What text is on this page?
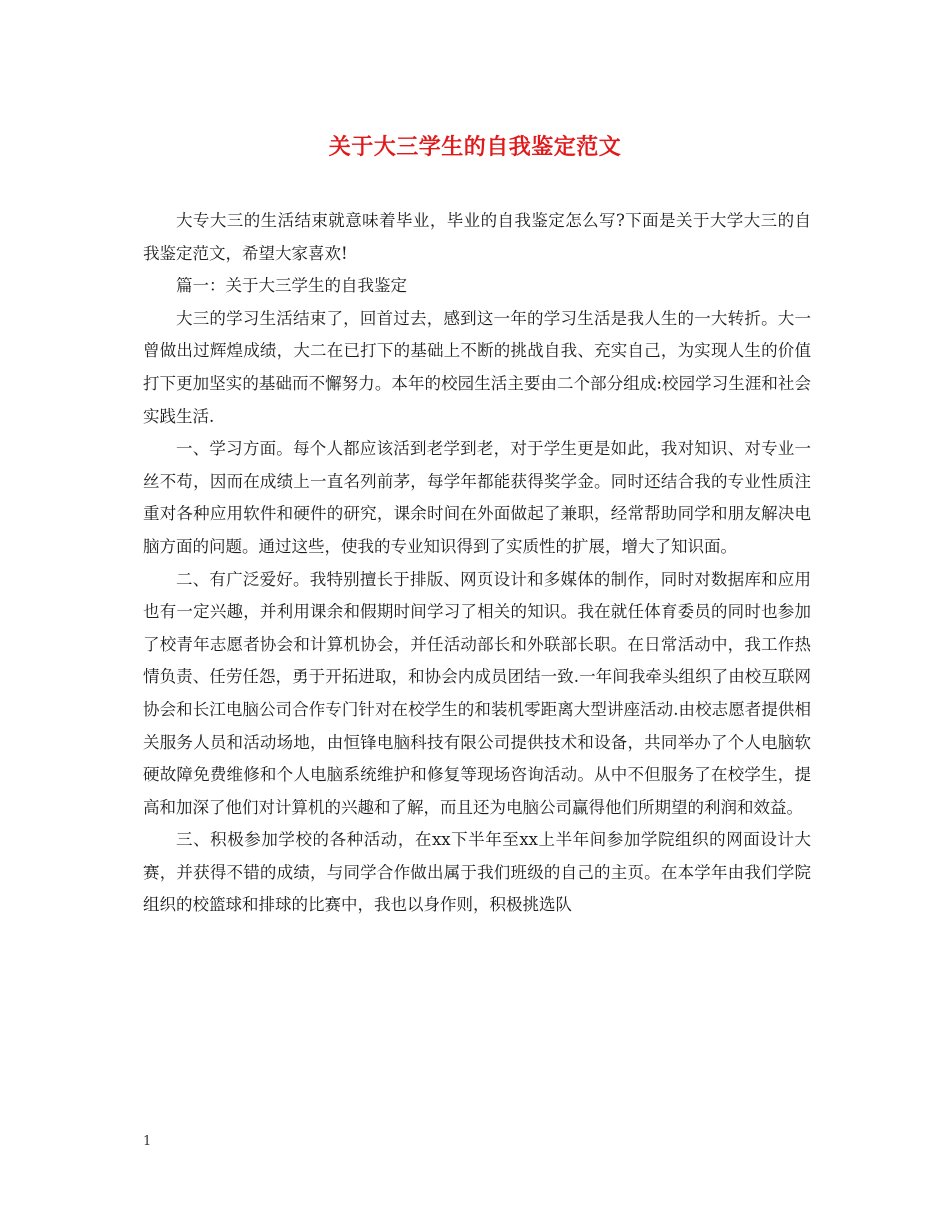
关于大三学生的自我鉴定范文

大专大三的生活结束就意味着毕业，毕业的自我鉴定怎么写?下面是关于大学大三的自我鉴定范文，希望大家喜欢!

篇一：关于大三学生的自我鉴定

大三的学习生活结束了，回首过去，感到这一年的学习生活是我人生的一大转折。大一曾做出过辉煌成绩，大二在已打下的基础上不断的挑战自我、充实自己，为实现人生的价值打下更加坚实的基础而不懈努力。本年的校园生活主要由二个部分组成:校园学习生涯和社会实践生活.

一、学习方面。每个人都应该活到老学到老，对于学生更是如此，我对知识、对专业一丝不苟，因而在成绩上一直名列前茅，每学年都能获得奖学金。同时还结合我的专业性质注重对各种应用软件和硬件的研究，课余时间在外面做起了兼职，经常帮助同学和朋友解决电脑方面的问题。通过这些，使我的专业知识得到了实质性的扩展，增大了知识面。

二、有广泛爱好。我特别擅长于排版、网页设计和多媒体的制作，同时对数据库和应用也有一定兴趣，并利用课余和假期时间学习了相关的知识。我在就任体育委员的同时也参加了校青年志愿者协会和计算机协会，并任活动部长和外联部长职。在日常活动中，我工作热情负责、任劳任怨，勇于开拓进取，和协会内成员团结一致.一年间我牵头组织了由校互联网协会和长江电脑公司合作专门针对在校学生的和装机零距离大型讲座活动.由校志愿者提供相关服务人员和活动场地，由恒锋电脑科技有限公司提供技术和设备，共同举办了个人电脑软硬故障免费维修和个人电脑系统维护和修复等现场咨询活动。从中不但服务了在校学生，提高和加深了他们对计算机的兴趣和了解，而且还为电脑公司赢得他们所期望的利润和效益。

三、积极参加学校的各种活动，在xx下半年至xx上半年间参加学院组织的网面设计大赛，并获得不错的成绩，与同学合作做出属于我们班级的自己的主页。在本学年由我们学院组织的校篮球和排球的比赛中，我也以身作则，积极挑选队

1
